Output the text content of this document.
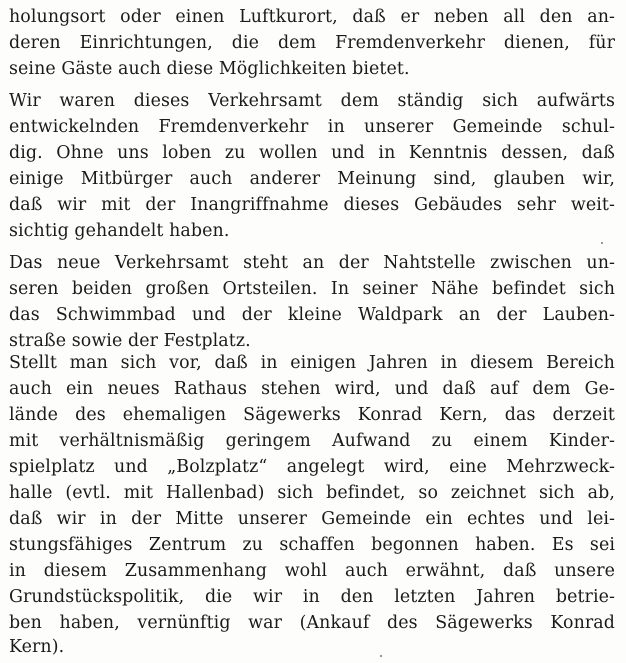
holungsort oder einen Luftkurort, daß er neben all den an-
deren Einrichtungen, die dem Fremdenverkehr dienen, für
seine Gäste auch diese Möglichkeiten bietet.
Wir waren dieses Verkehrsamt dem ständig sich aufwärts
entwickelnden Fremdenverkehr in unserer Gemeinde schul-
dig. Ohne uns loben zu wollen und in Kenntnis dessen, daß
einige Mitbürger auch anderer Meinung sind, glauben wir,
daß wir mit der Inangriffnahme dieses Gebäudes sehr weit-
sichtig gehandelt haben.
Das neue Verkehrsamt steht an der Nahtstelle zwischen un-
seren beiden großen Ortsteilen. In seiner Nähe befindet sich
das Schwimmbad und der kleine Waldpark an der Lauben-
straße sowie der Festplatz.
Stellt man sich vor, daß in einigen Jahren in diesem Bereich
auch ein neues Rathaus stehen wird, und daß auf dem Ge-
lände des ehemaligen Sägewerks Konrad Kern, das derzeit
mit verhältnismäßig geringem Aufwand zu einem Kinder-
spielplatz und „Bolzplatz“ angelegt wird, eine Mehrzweck-
halle (evtl. mit Hallenbad) sich befindet, so zeichnet sich ab,
daß wir in der Mitte unserer Gemeinde ein echtes und lei-
stungsfähiges Zentrum zu schaffen begonnen haben. Es sei
in diesem Zusammenhang wohl auch erwähnt, daß unsere
Grundstückspolitik, die wir in den letzten Jahren betrie-
ben haben, vernünftig war (Ankauf des Sägewerks Konrad
Kern).
